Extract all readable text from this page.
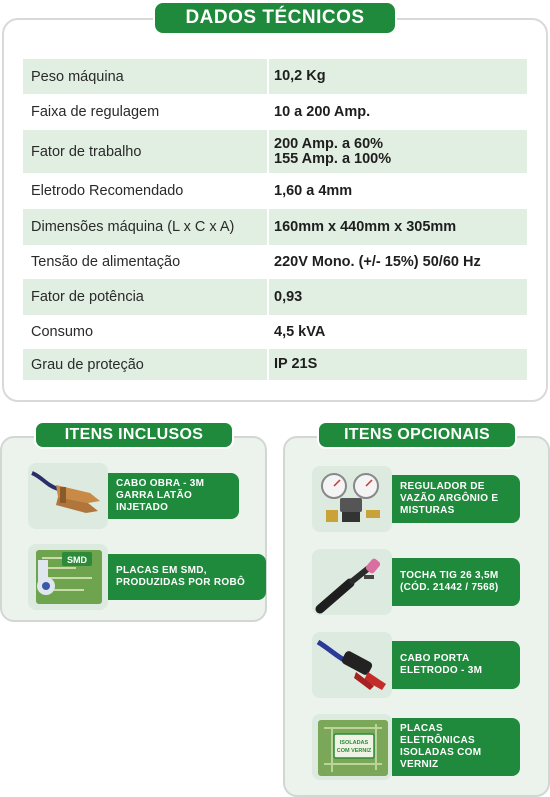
DADOS TÉCNICOS
Peso máquina	10,2 Kg
Faixa de regulagem	10 a 200 Amp.
Fator de trabalho	200 Amp. a 60%
155 Amp. a 100%
Eletrodo Recomendado	1,60 a 4mm
Dimensões máquina (L x C x A)	160mm x 440mm x 305mm
Tensão de alimentação	220V Mono. (+/- 15%) 50/60 Hz
Fator de potência	0,93
Consumo	4,5 kVA
Grau de proteção	IP 21S
ITENS INCLUSOS
CABO OBRA - 3M GARRA LATÃO INJETADO
SMD
PLACAS EM SMD, PRODUZIDAS POR ROBÔ
ITENS OPCIONAIS
REGULADOR DE VAZÃO ARGÔNIO E MISTURAS
TOCHA TIG 26 3,5M (CÓD. 21442 / 7568)
CABO PORTA ELETRODO - 3M
ISOLADAS
COM VERNIZ
PLACAS ELETRÔNICAS ISOLADAS COM VERNIZ
